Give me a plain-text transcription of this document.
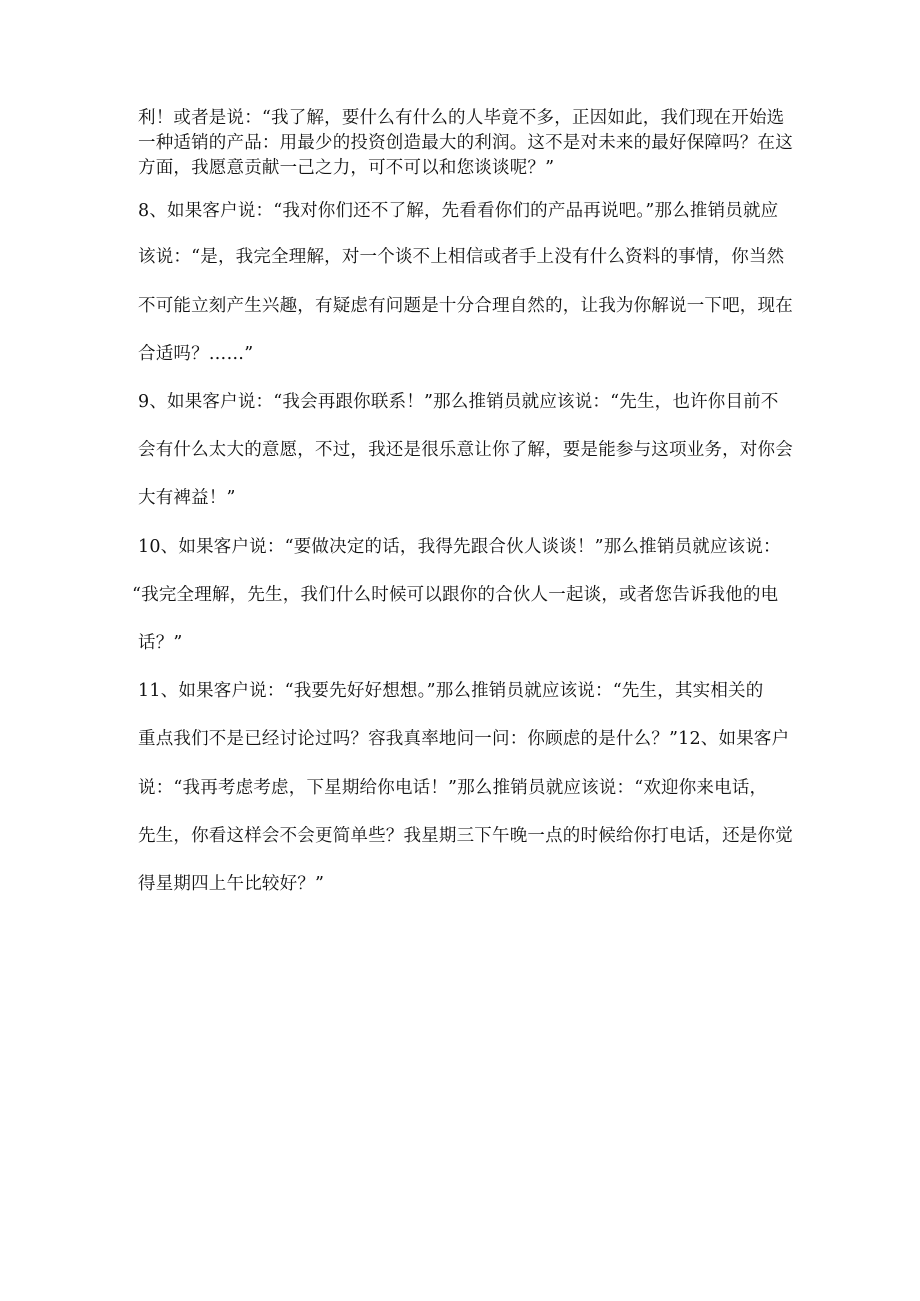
利！或者是说：“我了解，要什么有什么的人毕竟不多，正因如此，我们现在开始选
一种适销的产品：用最少的投资创造最大的利润。这不是对未来的最好保障吗？在这
方面，我愿意贡献一己之力，可不可以和您谈谈呢？”
8、如果客户说：“我对你们还不了解，先看看你们的产品再说吧。”那么推销员就应
该说：“是，我完全理解，对一个谈不上相信或者手上没有什么资料的事情，你当然
不可能立刻产生兴趣，有疑虑有问题是十分合理自然的，让我为你解说一下吧，现在
合适吗？……”
9、如果客户说：“我会再跟你联系！”那么推销员就应该说：“先生，也许你目前不
会有什么太大的意愿，不过，我还是很乐意让你了解，要是能参与这项业务，对你会
大有裨益！”
10、如果客户说：“要做决定的话，我得先跟合伙人谈谈！”那么推销员就应该说：
“我完全理解，先生，我们什么时候可以跟你的合伙人一起谈，或者您告诉我他的电
话？”
11、如果客户说：“我要先好好想想。”那么推销员就应该说：“先生，其实相关的
重点我们不是已经讨论过吗？容我真率地问一问：你顾虑的是什么？”12、如果客户
说：“我再考虑考虑，下星期给你电话！”那么推销员就应该说：“欢迎你来电话，
先生，你看这样会不会更简单些？我星期三下午晚一点的时候给你打电话，还是你觉
得星期四上午比较好？”
